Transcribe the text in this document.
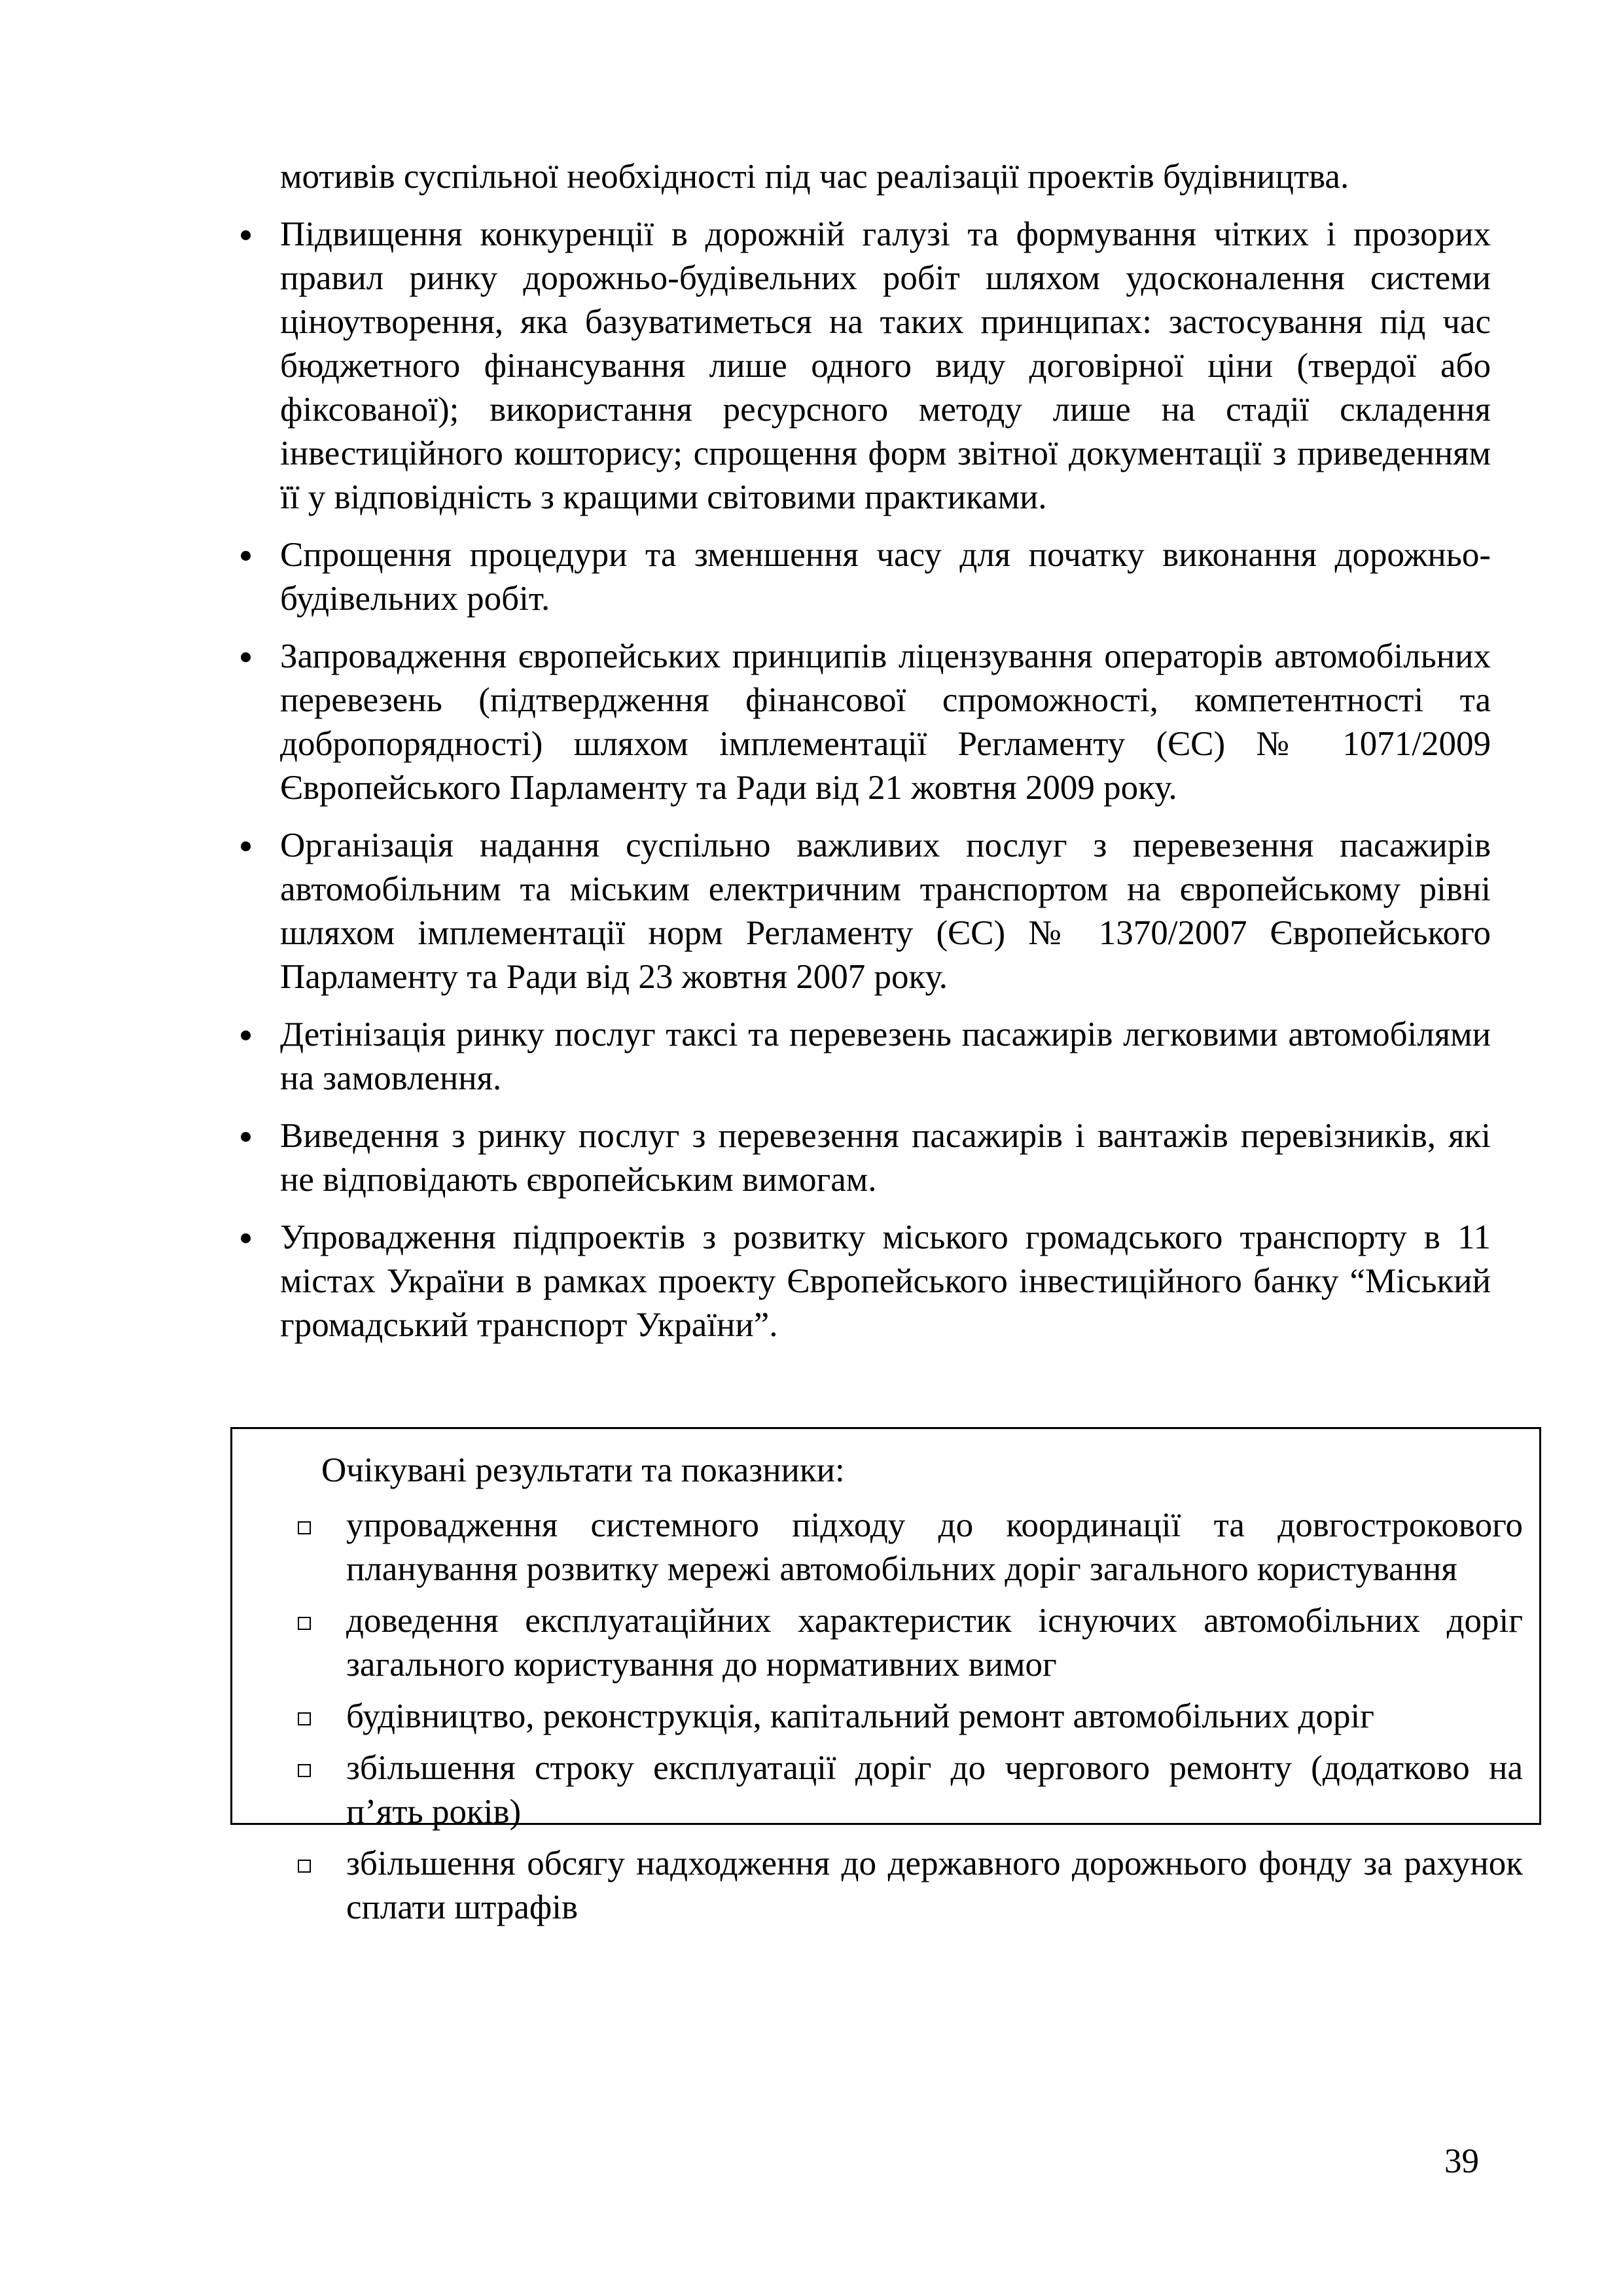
мотивів суспільної необхідності під час реалізації проектів будівництва.

Підвищення конкуренції в дорожній галузі та формування чітких і прозорих правил ринку дорожньо-будівельних робіт шляхом удосконалення системи ціноутворення, яка базуватиметься на таких принципах: застосування під час бюджетного фінансування лише одного виду договірної ціни (твердої або фіксованої); використання ресурсного методу лише на стадії складення інвестиційного кошторису; спрощення форм звітної документації з приведенням її у відповідність з кращими світовими практиками.
Спрощення процедури та зменшення часу для початку виконання дорожньо-будівельних робіт.
Запровадження європейських принципів ліцензування операторів автомобільних перевезень (підтвердження фінансової спроможності, компетентності та добропорядності) шляхом імплементації Регламенту (ЄС) № 1071/2009 Європейського Парламенту та Ради від 21 жовтня 2009 року.
Організація надання суспільно важливих послуг з перевезення пасажирів автомобільним та міським електричним транспортом на європейському рівні шляхом імплементації норм Регламенту (ЄС) № 1370/2007 Європейського Парламенту та Ради від 23 жовтня 2007 року.
Детінізація ринку послуг таксі та перевезень пасажирів легковими автомобілями на замовлення.
Виведення з ринку послуг з перевезення пасажирів і вантажів перевізників, які не відповідають європейським вимогам.
Упровадження підпроектів з розвитку міського громадського транспорту в 11 містах України в рамках проекту Європейського інвестиційного банку “Міський громадський транспорт України”.

Очікувані результати та показники:

упровадження системного підходу до координації та довгострокового планування розвитку мережі автомобільних доріг загального користування
доведення експлуатаційних характеристик існуючих автомобільних доріг загального користування до нормативних вимог
будівництво, реконструкція, капітальний ремонт автомобільних доріг
збільшення строку експлуатації доріг до чергового ремонту (додатково на п’ять років)
збільшення обсягу надходження до державного дорожнього фонду за рахунок сплати штрафів
39
